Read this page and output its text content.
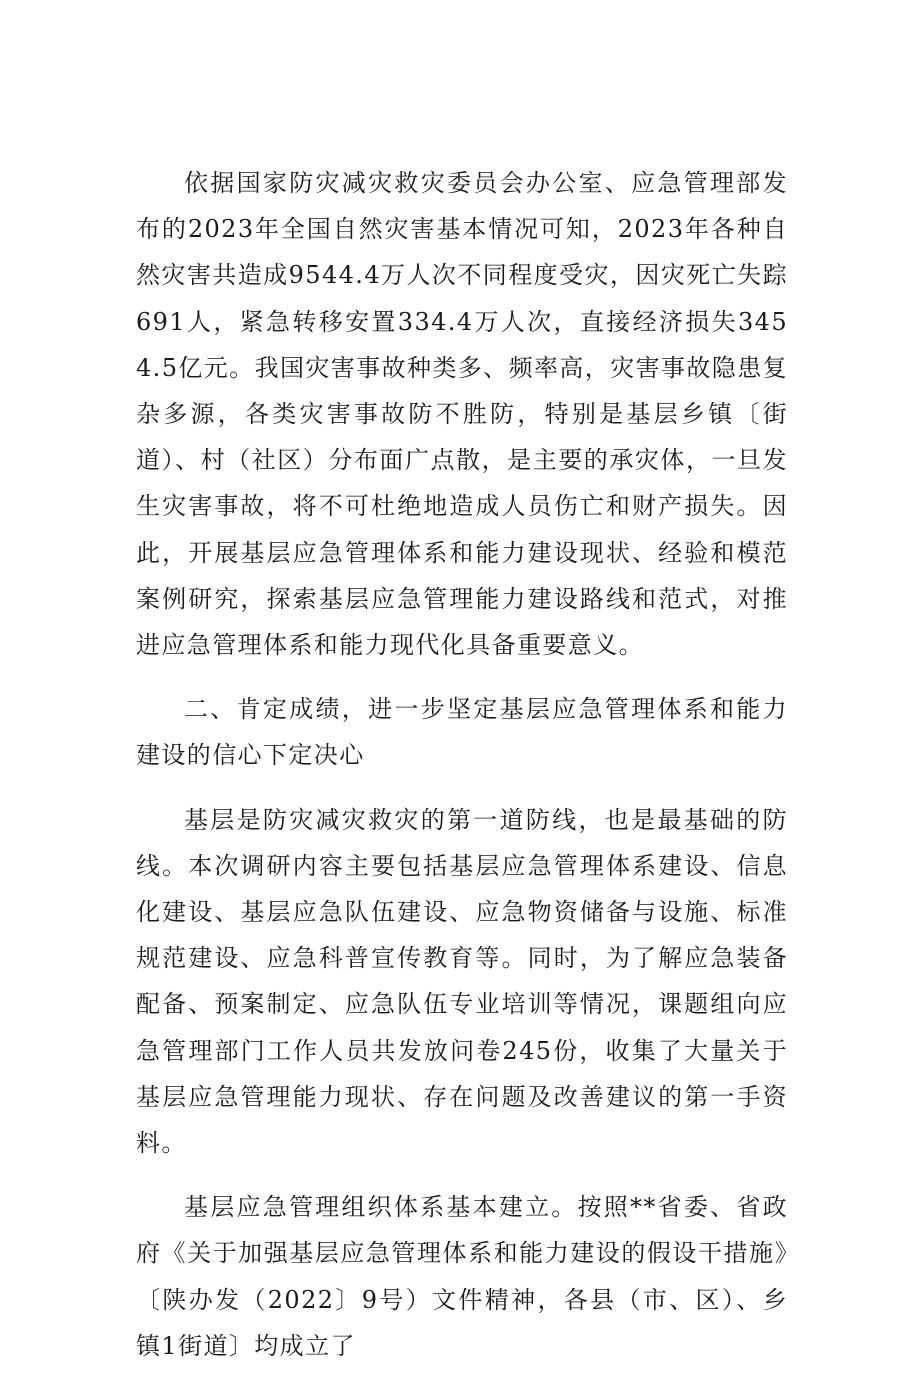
依据国家防灾减灾救灾委员会办公室、应急管理部发布的2023年全国自然灾害基本情况可知，2023年各种自然灾害共造成9544.4万人次不同程度受灾，因灾死亡失踪691人，紧急转移安置334.4万人次，直接经济损失3454.5亿元。我国灾害事故种类多、频率高，灾害事故隐患复杂多源，各类灾害事故防不胜防，特别是基层乡镇〔街道）、村（社区）分布面广点散，是主要的承灾体，一旦发生灾害事故，将不可杜绝地造成人员伤亡和财产损失。因此，开展基层应急管理体系和能力建设现状、经验和模范案例研究，探索基层应急管理能力建设路线和范式，对推进应急管理体系和能力现代化具备重要意义。

二、肯定成绩，进一步坚定基层应急管理体系和能力建设的信心下定决心

基层是防灾减灾救灾的第一道防线，也是最基础的防线。本次调研内容主要包括基层应急管理体系建设、信息化建设、基层应急队伍建设、应急物资储备与设施、标准规范建设、应急科普宣传教育等。同时，为了解应急装备配备、预案制定、应急队伍专业培训等情况，课题组向应急管理部门工作人员共发放问卷245份，收集了大量关于基层应急管理能力现状、存在问题及改善建议的第一手资料。

基层应急管理组织体系基本建立。按照**省委、省政府《关于加强基层应急管理体系和能力建设的假设干措施》〔陕办发（2022〕9号）文件精神，各县（市、区）、乡镇1街道〕均成立了
